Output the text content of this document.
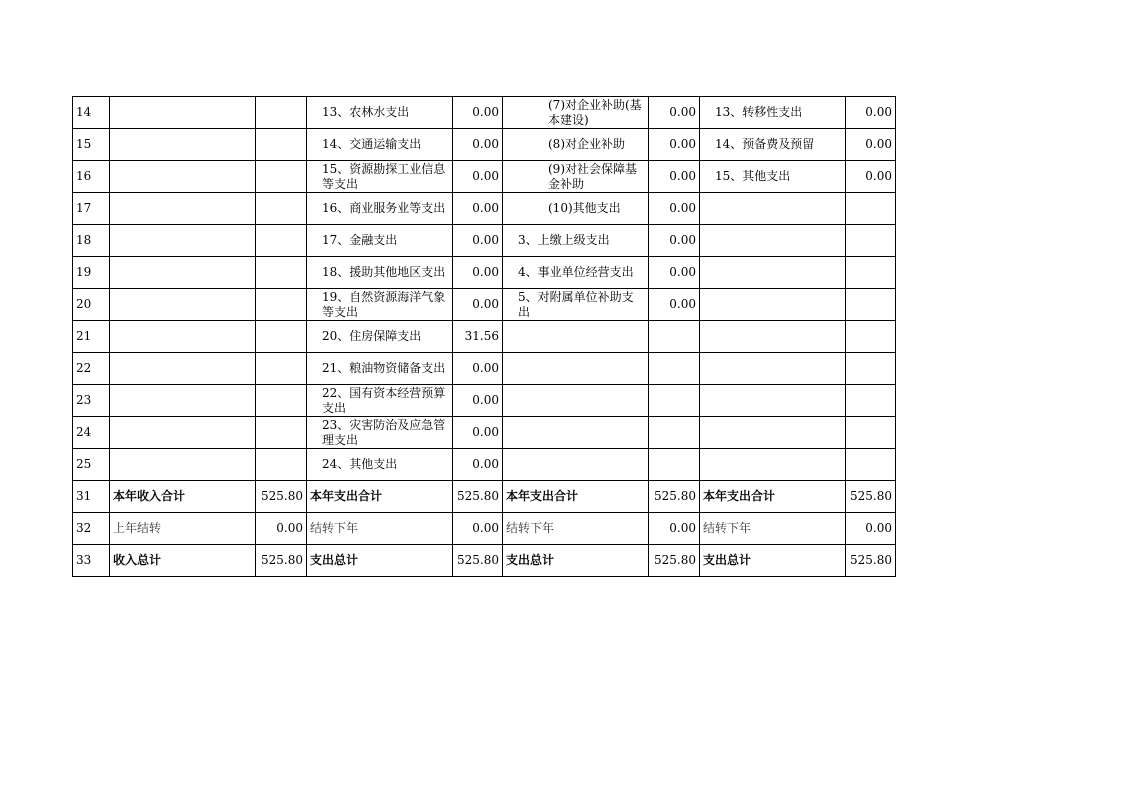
14			13、农林水支出	0.00	(7)对企业补助(基本建设)	0.00	13、转移性支出	0.00
15			14、交通运输支出	0.00	(8)对企业补助	0.00	14、预备费及预留	0.00
16			15、资源勘探工业信息等支出	0.00	(9)对社会保障基金补助	0.00	15、其他支出	0.00
17			16、商业服务业等支出	0.00	(10)其他支出	0.00	

18			17、金融支出	0.00	3、上缴上级支出	0.00	

19			18、援助其他地区支出	0.00	4、事业单位经营支出	0.00	

20			19、自然资源海洋气象等支出	0.00	5、对附属单位补助支出	0.00	

21			20、住房保障支出	31.56	

22			21、粮油物资储备支出	0.00	

23			22、国有资本经营预算支出	0.00	

24			23、灾害防治及应急管理支出	0.00	

25			24、其他支出	0.00	

31	本年收入合计	525.80	本年支出合计	525.80	本年支出合计	525.80	本年支出合计	525.80
32	上年结转	0.00	结转下年	0.00	结转下年	0.00	结转下年	0.00
33	收入总计	525.80	支出总计	525.80	支出总计	525.80	支出总计	525.80
